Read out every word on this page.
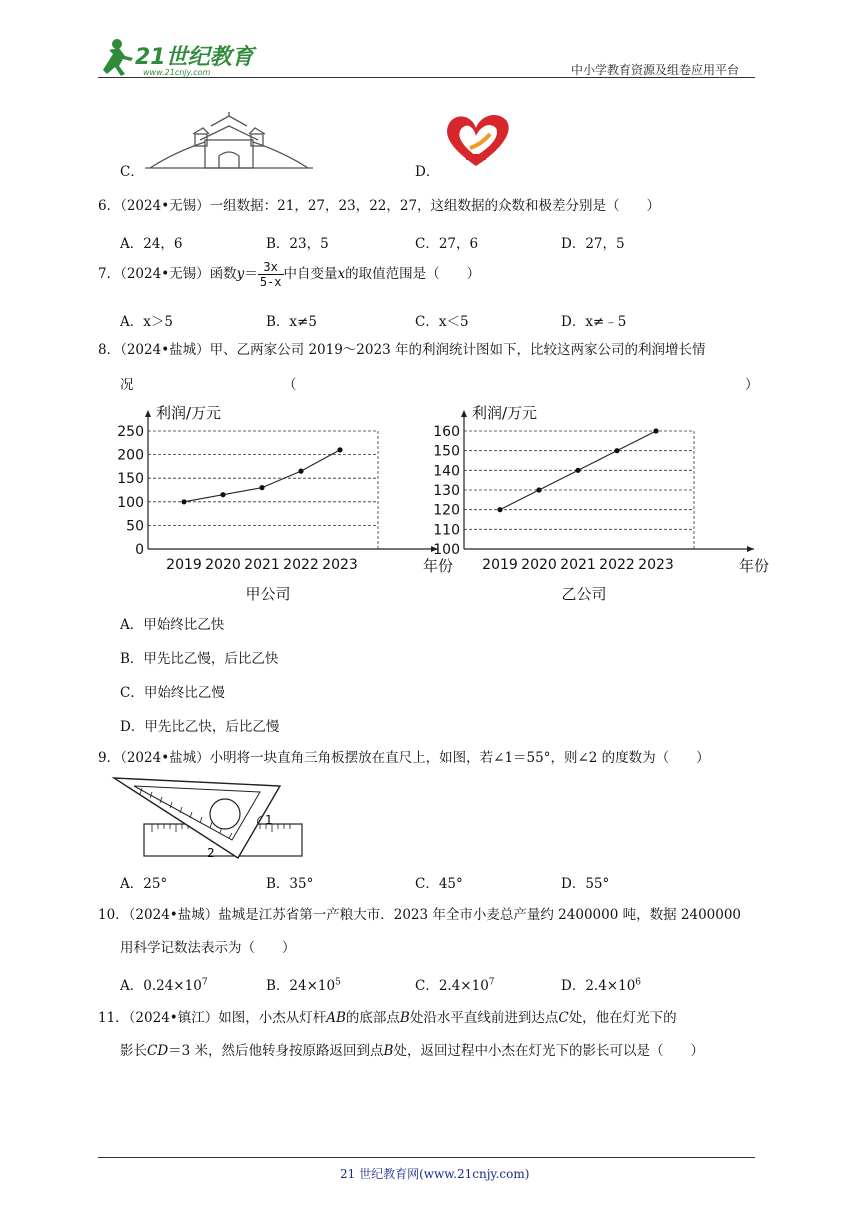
21世纪教育
www.21cnjy.com	中小学教育资源及组卷应用平台
C．	D．
6．（2024•无锡）一组数据：21，27，23，22，27，这组数据的众数和极差分别是（　　）
A．24，6	B．23，5	C．27，6	D．27，5
7．（2024•无锡）函数$y= \frac{3x}{5-x}$ 中自变量x的取值范围是（　　）
A．x＞5	B．x≠5	C．x＜5	D．x≠﹣5
8．（2024•盐城）甲、乙两家公司 2019～2023 年的利润统计图如下，比较这两家公司的利润增长情
况	（	）
0
50
100
150
200
250
利润/万元
2019 2020 2021 2022 2023	年份
甲公司
100
110
120
130
140
150
160
利润/万元
2019 2020 2021 2022 2023	年份
乙公司
A．甲始终比乙快
B．甲先比乙慢，后比乙快
C．甲始终比乙慢
D．甲先比乙快，后比乙慢
9．（2024•盐城）小明将一块直角三角板摆放在直尺上，如图，若∠1＝55°，则∠2 的度数为（　　）
1
2
A．25°	B．35°	C．45°	D．55°
10．（2024•盐城）盐城是江苏省第一产粮大市．2023 年全市小麦总产量约 2400000 吨，数据 2400000
用科学记数法表示为（　　）
A．$0.24\times 10^7$	B．$24\times 10^5$	C．$2.4\times 10^7$	D．$2.4\times 10^6$
11．（2024•镇江）如图，小杰从灯杆AB的底部点B处沿水平直线前进到达点C处，他在灯光下的
影长CD＝3 米，然后他转身按原路返回到点B处，返回过程中小杰在灯光下的影长可以是（　　）
21 世纪教育网(www.21cnjy.com)
